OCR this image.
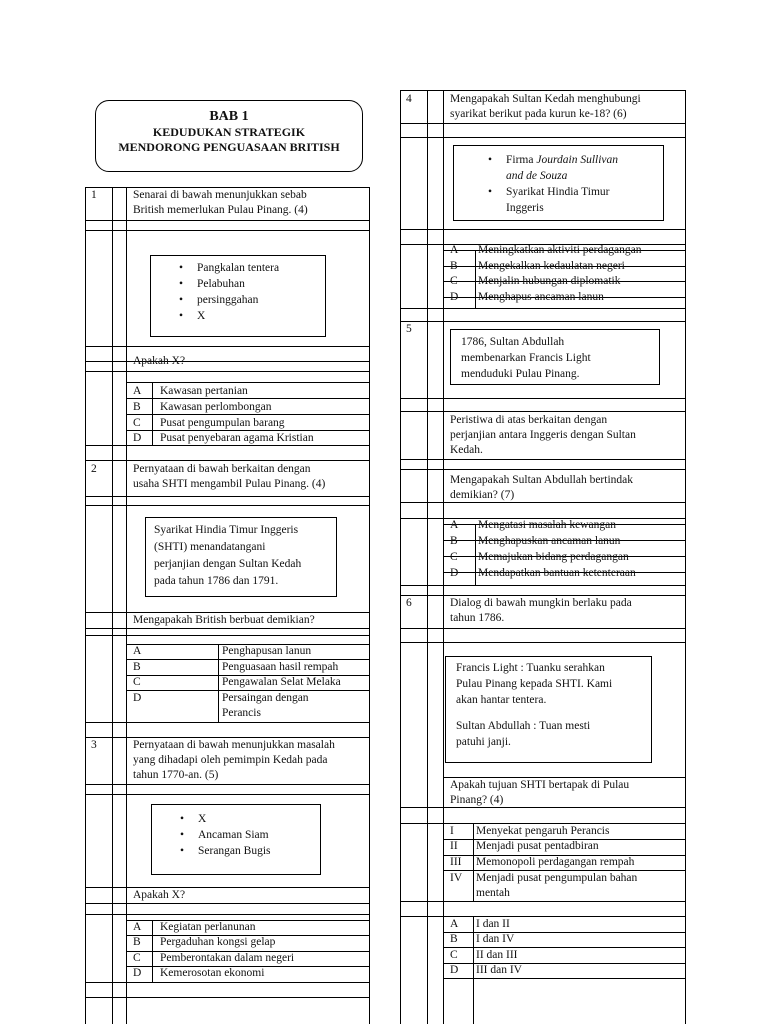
BAB 1
KEDUDUKAN STRATEGIK
MENDORONG PENGUASAAN BRITISH
1	Senarai di bawah menunjukkan sebab
British memerlukan Pulau Pinang. (4)
• Pangkalan tentera
• Pelabuhan
• persinggahan
• X
Apakah X?
A Kawasan pertanian
B Kawasan perlombongan
C Pusat pengumpulan barang
D Pusat penyebaran agama Kristian
2	Pernyataan di bawah berkaitan dengan
usaha SHTI mengambil Pulau Pinang. (4)
Syarikat Hindia Timur Inggeris
(SHTI) menandatangani
perjanjian dengan Sultan Kedah
pada tahun 1786 dan 1791.
Mengapakah British berbuat demikian?
A	Penghapusan lanun
B	Penguasaan hasil rempah
C	Pengawalan Selat Melaka
D	Persaingan dengan
Perancis
3	Pernyataan di bawah menunjukkan masalah
yang dihadapi oleh pemimpin Kedah pada
tahun 1770-an. (5)
• X
• Ancaman Siam
• Serangan Bugis
Apakah X?
A Kegiatan perlanunan
B Pergaduhan kongsi gelap
C Pemberontakan dalam negeri
D Kemerosotan ekonomi
4	Mengapakah Sultan Kedah menghubungi
syarikat berikut pada kurun ke-18? (6)
• Firma Jourdain Sullivan
and de Souza
• Syarikat Hindia Timur
Inggeris
A Meningkatkan aktiviti perdagangan
B Mengekalkan kedaulatan negeri
C Menjalin hubungan diplomatik
D Menghapus ancaman lanun
5
1786, Sultan Abdullah
membenarkan Francis Light
menduduki Pulau Pinang.
Peristiwa di atas berkaitan dengan
perjanjian antara Inggeris dengan Sultan
Kedah.
Mengapakah Sultan Abdullah bertindak
demikian? (7)
A Mengatasi masalah kewangan
B Menghapuskan ancaman lanun
C Memajukan bidang perdagangan
D Mendapatkan bantuan ketenteraan
6	Dialog di bawah mungkin berlaku pada
tahun 1786.
Francis Light : Tuanku serahkan
Pulau Pinang kepada SHTI. Kami
akan hantar tentera.
Sultan Abdullah : Tuan mesti
patuhi janji.
Apakah tujuan SHTI bertapak di Pulau
Pinang? (4)
I Menyekat pengaruh Perancis
II Menjadi pusat pentadbiran
III Memonopoli perdagangan rempah
IV Menjadi pusat pengumpulan bahan
mentah
A I dan II
B I dan IV
C II dan III
D III dan IV
